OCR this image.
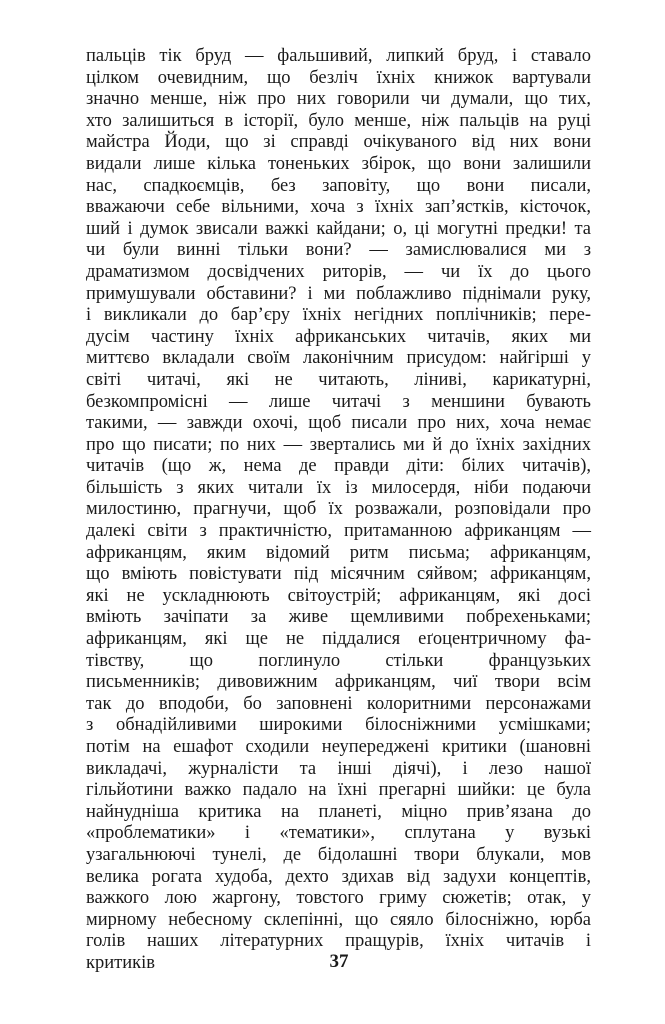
пальців тік бруд — фальшивий, липкий бруд, і ставало
цілком очевидним, що безліч їхніх книжок вартували
значно менше, ніж про них говорили чи думали, що тих,
хто залишиться в історії, було менше, ніж пальців на руці
майстра Йоди, що зі справді очікуваного від них вони
видали лише кілька тоненьких збірок, що вони залишили
нас, спадкоємців, без заповіту, що вони писали,
вважаючи себе вільними, хоча з їхніх зап’ястків, кісточок,
ший і думок звисали важкі кайдани; о, ці могутні предки! та
чи були винні тільки вони? — замислювалися ми з
драматизмом досвідчених риторів, — чи їх до цього
примушували обставини? і ми поблажливо піднімали руку,
і викликали до бар’єру їхніх негідних поплічників; пере-
дусім частину їхніх африканських читачів, яких ми
миттєво вкладали своїм лаконічним присудом: найгірші у
світі читачі, які не читають, ліниві, карикатурні,
безкомпромісні — лише читачі з меншини бувають
такими, — завжди охочі, щоб писали про них, хоча немає
про що писати; по них — звертались ми й до їхніх західних
читачів (що ж, нема де правди діти: білих читачів),
більшість з яких читали їх із милосердя, ніби подаючи
милостиню, прагнучи, щоб їх розважали, розповідали про
далекі світи з практичністю, притаманною африканцям —
африканцям, яким відомий ритм письма; африканцям,
що вміють повістувати під місячним сяйвом; африканцям,
які не ускладнюють світоустрій; африканцям, які досі
вміють зачіпати за живе щемливими побрехеньками;
африканцям, які ще не піддалися еґоцентричному фа-
тівству, що поглинуло стільки французьких
письменників; дивовижним африканцям, чиї твори всім
так до вподоби, бо заповнені колоритними персонажами
з обнадійливими широкими білосніжними усмішками;
потім на ешафот сходили неупереджені критики (шановні
викладачі, журналісти та інші діячі), і лезо нашої
гільйотини важко падало на їхні прегарні шийки: це була
найнудніша критика на планеті, міцно прив’язана до
«проблематики» і «тематики», сплутана у вузькі
узагальнюючі тунелі, де бідолашні твори блукали, мов
велика рогата худоба, дехто здихав від задухи концептів,
важкого лою жаргону, товстого гриму сюжетів; отак, у
мирному небесному склепінні, що сяяло білосніжно, юрба
голів наших літературних пращурів, їхніх читачів і
критиків	37
